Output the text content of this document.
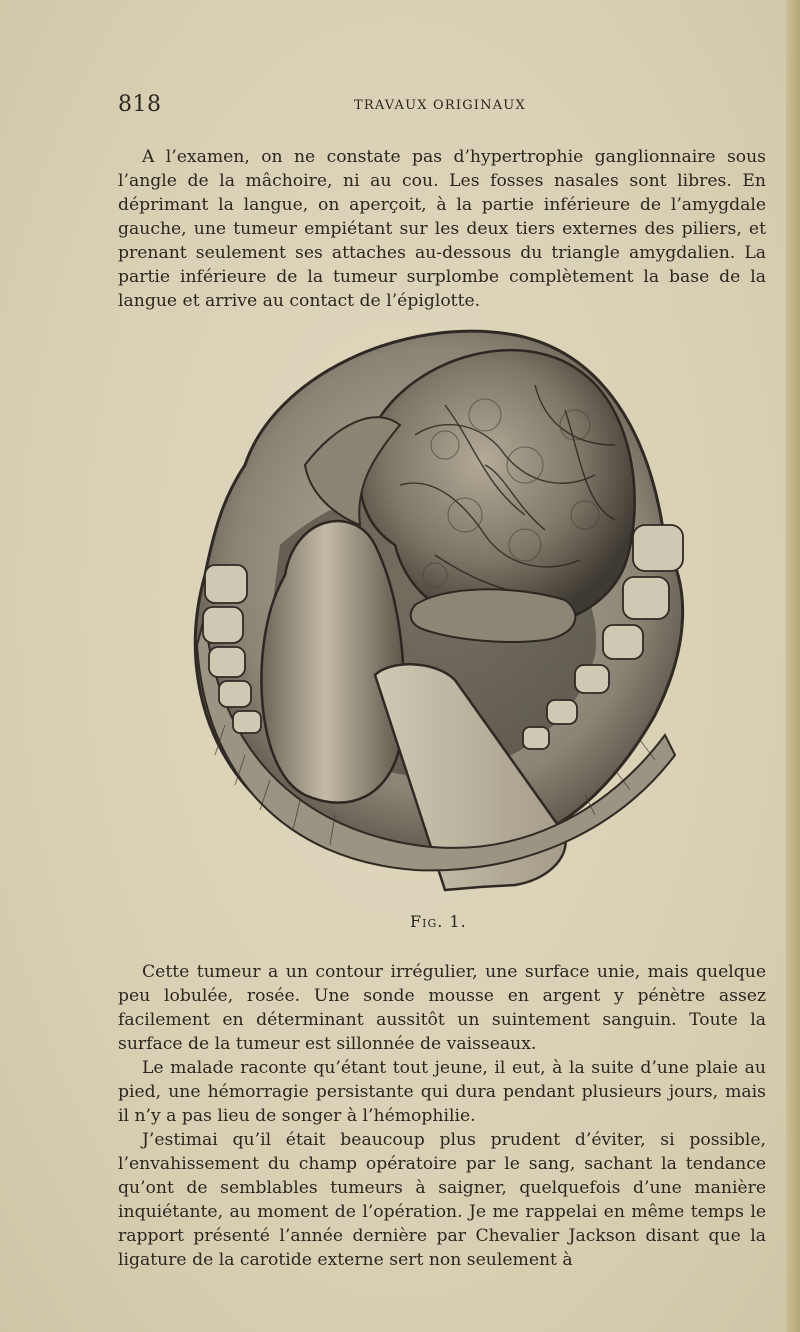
818	TRAVAUX ORIGINAUX

A l’examen, on ne constate pas d’hypertrophie ganglionnaire sous l’angle de la mâchoire, ni au cou. Les fosses nasales sont libres. En déprimant la langue, on aperçoit, à la partie inférieure de l’amygdale gauche, une tumeur empiétant sur les deux tiers externes des piliers, et prenant seulement ses attaches au-dessous du triangle amygdalien. La partie inférieure de la tumeur surplombe complètement la base de la langue et arrive au contact de l’épiglotte.

Fig. 1.

Cette tumeur a un contour irrégulier, une surface unie, mais quelque peu lobulée, rosée. Une sonde mousse en argent y pénètre assez facilement en déterminant aussitôt un suintement sanguin. Toute la surface de la tumeur est sillonnée de vaisseaux.

Le malade raconte qu’étant tout jeune, il eut, à la suite d’une plaie au pied, une hémorragie persistante qui dura pendant plusieurs jours, mais il n’y a pas lieu de songer à l’hémophilie.

J’estimai qu’il était beaucoup plus prudent d’éviter, si possible, l’envahissement du champ opératoire par le sang, sachant la tendance qu’ont de semblables tumeurs à saigner, quelquefois d’une manière inquiétante, au moment de l’opération. Je me rappelai en même temps le rapport présenté l’année dernière par Chevalier Jackson disant que la ligature de la carotide externe sert non seulement à
